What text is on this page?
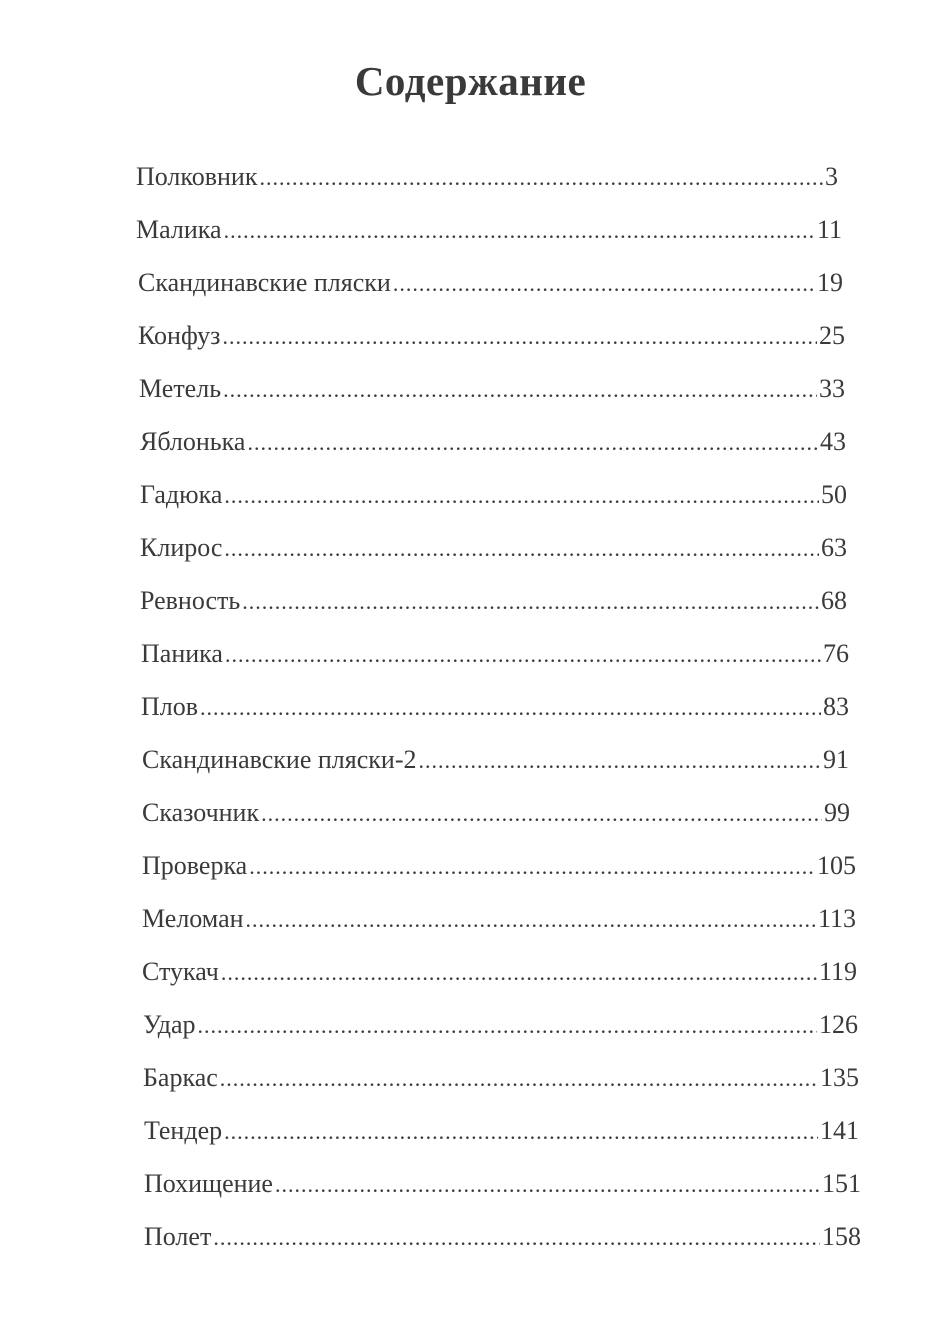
Содержание
Полковник .....	3
Малика .....	11
Скандинавские пляски .....	19
Конфуз .....	25
Метель .....	33
Яблонька .....	43
Гадюка .....	50
Клирос .....	63
Ревность .....	68
Паника .....	76
Плов .....	83
Скандинавские пляски-2 .....	91
Сказочник .....	99
Проверка .....	105
Меломан .....	113
Стукач .....	119
Удар .....	126
Баркас .....	135
Тендер .....	141
Похищение .....	151
Полет .....	158
